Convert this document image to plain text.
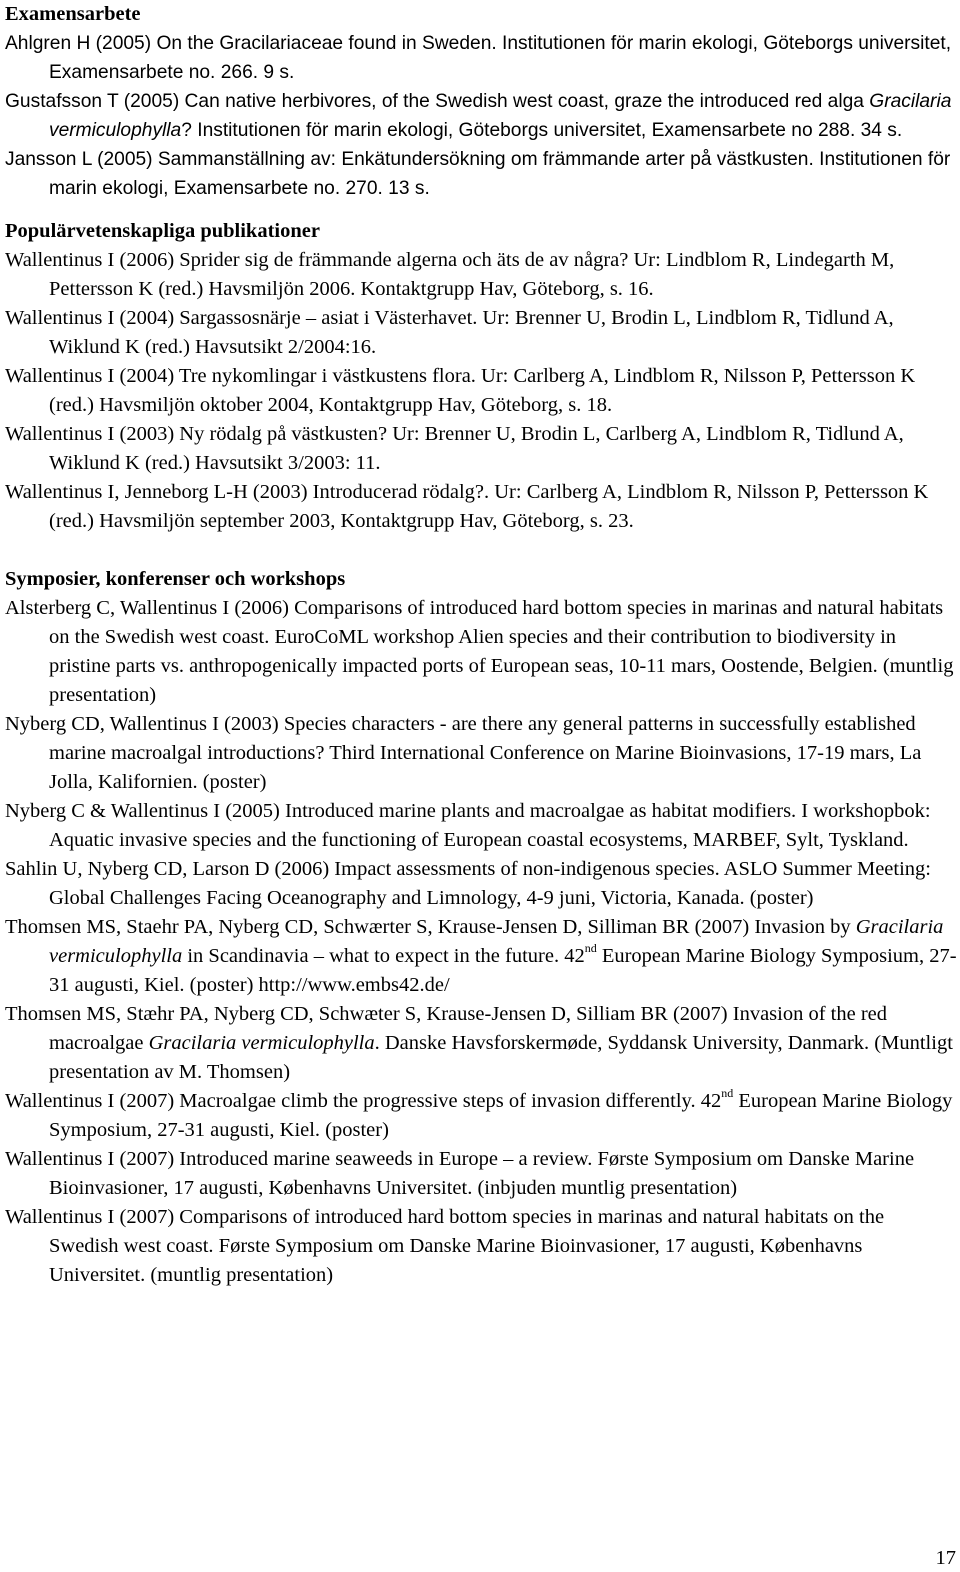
Examensarbete

Ahlgren H (2005) On the Gracilariaceae found in Sweden. Institutionen för marin ekologi, Göteborgs universitet, Examensarbete no. 266. 9 s.

Gustafsson T (2005) Can native herbivores, of the Swedish west coast, graze the introduced red alga Gracilaria vermiculophylla? Institutionen för marin ekologi, Göteborgs universitet, Examensarbete no 288. 34 s.

Jansson L (2005) Sammanställning av: Enkätundersökning om främmande arter på västkusten. Institutionen för marin ekologi, Examensarbete no. 270. 13 s.

Populärvetenskapliga publikationer

Wallentinus I (2006) Sprider sig de främmande algerna och äts de av några? Ur: Lindblom R, Lindegarth M, Pettersson K (red.) Havsmiljön 2006. Kontaktgrupp Hav, Göteborg, s. 16.

Wallentinus I (2004) Sargassosnärje – asiat i Västerhavet. Ur: Brenner U, Brodin L, Lindblom R, Tidlund A, Wiklund K (red.) Havsutsikt 2/2004:16.

Wallentinus I (2004) Tre nykomlingar i västkustens flora. Ur: Carlberg A, Lindblom R, Nilsson P, Pettersson K (red.) Havsmiljön oktober 2004, Kontaktgrupp Hav, Göteborg, s. 18.

Wallentinus I (2003) Ny rödalg på västkusten? Ur: Brenner U, Brodin L, Carlberg A, Lindblom R, Tidlund A, Wiklund K (red.) Havsutsikt 3/2003: 11.

Wallentinus I, Jenneborg L-H (2003) Introducerad rödalg?. Ur: Carlberg A, Lindblom R, Nilsson P, Pettersson K (red.) Havsmiljön september 2003, Kontaktgrupp Hav, Göteborg, s. 23.

Symposier, konferenser och workshops

Alsterberg C, Wallentinus I (2006) Comparisons of introduced hard bottom species in marinas and natural habitats on the Swedish west coast. EuroCoML workshop Alien species and their contribution to biodiversity in pristine parts vs. anthropogenically impacted ports of European seas, 10-11 mars, Oostende, Belgien. (muntlig presentation)

Nyberg CD, Wallentinus I (2003) Species characters - are there any general patterns in successfully established marine macroalgal introductions? Third International Conference on Marine Bioinvasions, 17-19 mars, La Jolla, Kalifornien. (poster)

Nyberg C & Wallentinus I (2005) Introduced marine plants and macroalgae as habitat modifiers. I workshopbok: Aquatic invasive species and the functioning of European coastal ecosystems, MARBEF, Sylt, Tyskland.

Sahlin U, Nyberg CD, Larson D (2006) Impact assessments of non-indigenous species. ASLO Summer Meeting: Global Challenges Facing Oceanography and Limnology, 4-9 juni, Victoria, Kanada. (poster)

Thomsen MS, Staehr PA, Nyberg CD, Schwærter S, Krause-Jensen D, Silliman BR (2007) Invasion by Gracilaria vermiculophylla in Scandinavia – what to expect in the future. 42nd European Marine Biology Symposium, 27-31 augusti, Kiel. (poster) http://www.embs42.de/

Thomsen MS, Stæhr PA, Nyberg CD, Schwæter S, Krause-Jensen D, Silliam BR (2007) Invasion of the red macroalgae Gracilaria vermiculophylla. Danske Havsforskermøde, Syddansk University, Danmark. (Muntligt presentation av M. Thomsen)

Wallentinus I (2007) Macroalgae climb the progressive steps of invasion differently. 42nd European Marine Biology Symposium, 27-31 augusti, Kiel. (poster)

Wallentinus I (2007) Introduced marine seaweeds in Europe – a review. Første Symposium om Danske Marine Bioinvasioner, 17 augusti, Københavns Universitet. (inbjuden muntlig presentation)

Wallentinus I (2007) Comparisons of introduced hard bottom species in marinas and natural habitats on the Swedish west coast. Første Symposium om Danske Marine Bioinvasioner, 17 augusti, Københavns Universitet. (muntlig presentation)

17
